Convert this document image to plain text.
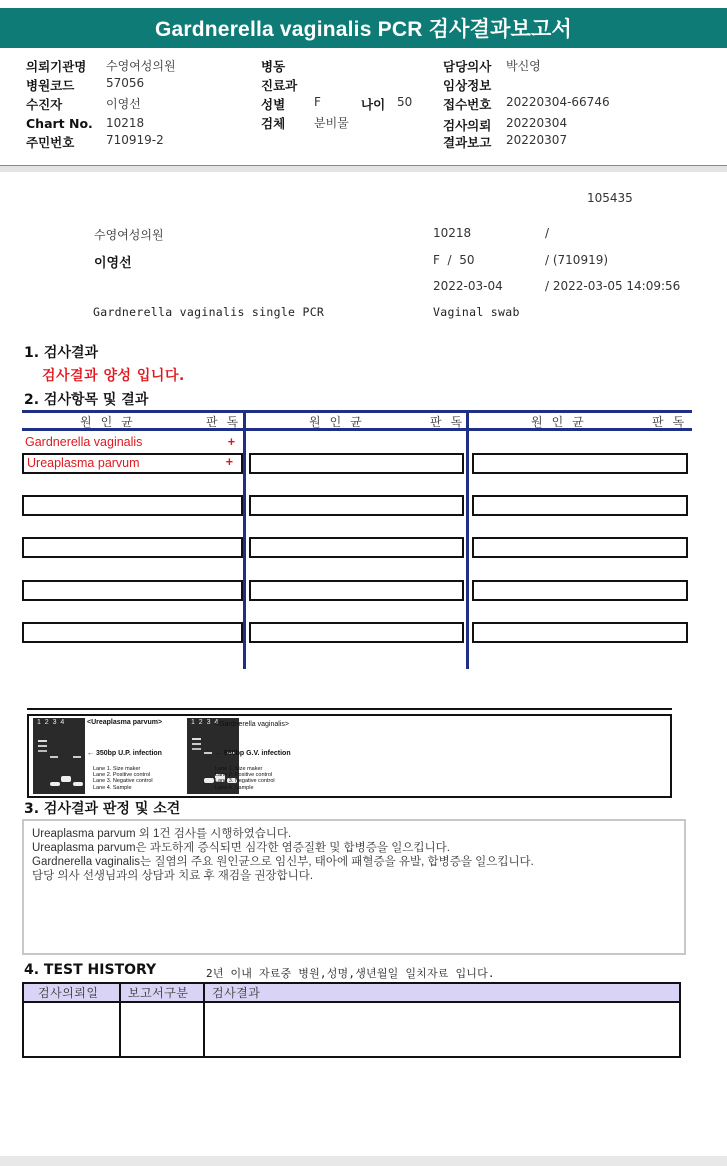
Gardnerella vaginalis PCR 검사결과보고서
의뢰기관명 수영여성의원
병원코드	57056
수진자	이영선
Chart No. 10218
주민번호	710919-2
병동
진료과
성별 F	나이 50
검체 분비물
담당의사 박신영
임상정보
접수번호 20220304-66746
검사의뢰 20220304
결과보고 20220307
105435
수영여성의원	10218	/
이영선	F  /  50	/ (710919)
2022-03-04	/ 2022-03-05 14:09:56
Gardnerella vaginalis single PCR	Vaginal swab
1. 검사결과
검사결과 양성 입니다.
2. 검사항목 및 결과
원인균	판독	원인균	판독	원인균	판독
Gardnerella vaginalis	+
Ureaplasma parvum	+
1  2  3  4	<Ureaplasma parvum>
← 350bp U.P. infection
Lane 1. Size maker
Lane 2. Positive control
Lane 3. Negative control
Lane 4. Sample
1  2  3  4
<Gardnerella vaginalis>
← 660bp G.V. infection
Lane 1. Size maker
Lane 2. Positive control
Lane 3. Negative control
Lane 4. Sample
3. 검사결과 판정 및 소견
Ureaplasma parvum 외 1건 검사를 시행하였습니다.
Ureaplasma parvum은 과도하게 증식되면 심각한 염증질환 및 합병증을 일으킵니다.
Gardnerella vaginalis는 질염의 주요 원인균으로 임신부, 태아에 패혈증을 유발, 합병증을 일으킵니다.
담당 의사 선생님과의 상담과 치료 후 재검을 권장합니다.
4. TEST HISTORY	2년 이내 자료중 병원,성명,생년월일 일치자료 입니다.
검사의뢰일	보고서구분	검사결과
